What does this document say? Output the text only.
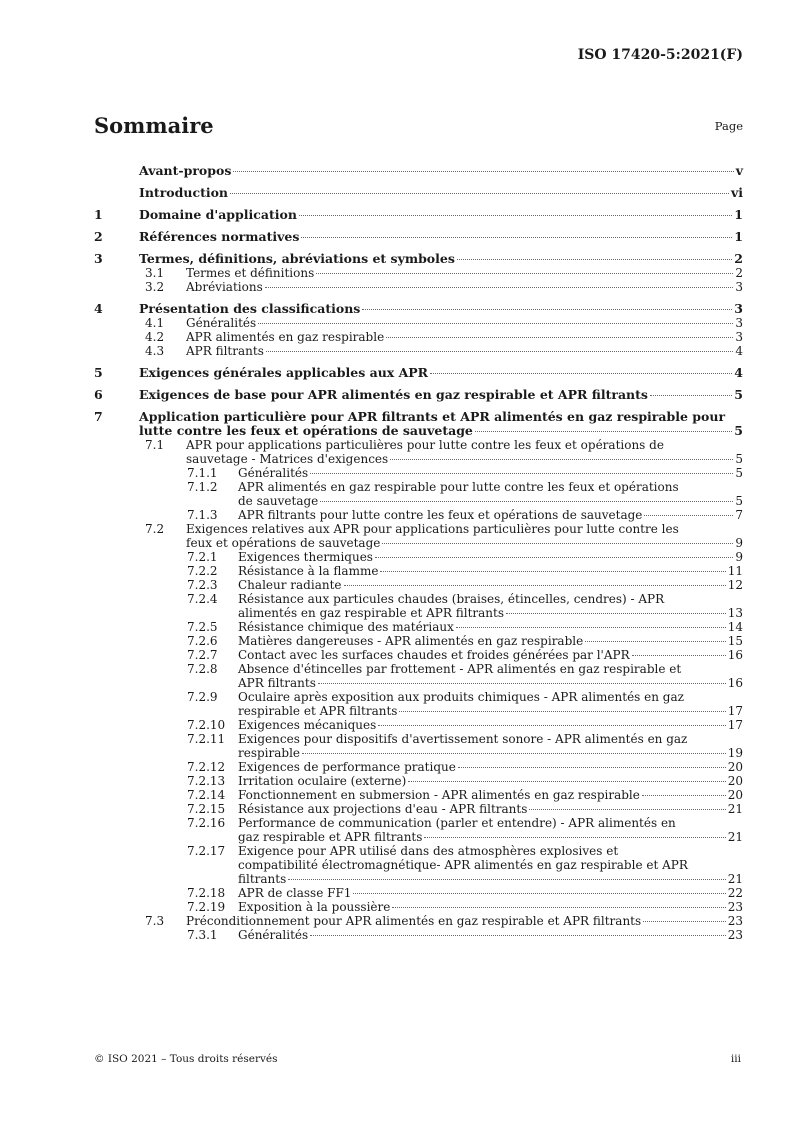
ISO 17420-5:2021(F)
Sommaire	Page
Avant-propos	v
Introduction	vi
1	Domaine d'application	1
2	Références normatives	1
3	Termes, définitions, abréviations et symboles	2
3.1 Termes et définitions	2
3.2 Abréviations	3
4	Présentation des classifications	3
4.1 Généralités	3
4.2 APR alimentés en gaz respirable	3
4.3 APR filtrants	4
5	Exigences générales applicables aux APR	4
6	Exigences de base pour APR alimentés en gaz respirable et APR filtrants	5
7	Application particulière pour APR filtrants et APR alimentés en gaz respirable pour
lutte contre les feux et opérations de sauvetage	5
7.1 APR pour applications particulières pour lutte contre les feux et opérations de
sauvetage - Matrices d'exigences	5
7.1.1 Généralités	5
7.1.2 APR alimentés en gaz respirable pour lutte contre les feux et opérations
de sauvetage	5
7.1.3 APR filtrants pour lutte contre les feux et opérations de sauvetage	7
7.2 Exigences relatives aux APR pour applications particulières pour lutte contre les
feux et opérations de sauvetage	9
7.2.1 Exigences thermiques	9
7.2.2 Résistance à la flamme	11
7.2.3 Chaleur radiante	12
7.2.4 Résistance aux particules chaudes (braises, étincelles, cendres) - APR
alimentés en gaz respirable et APR filtrants	13
7.2.5 Résistance chimique des matériaux	14
7.2.6 Matières dangereuses - APR alimentés en gaz respirable	15
7.2.7 Contact avec les surfaces chaudes et froides générées par l'APR	16
7.2.8 Absence d'étincelles par frottement - APR alimentés en gaz respirable et
APR filtrants	16
7.2.9 Oculaire après exposition aux produits chimiques - APR alimentés en gaz
respirable et APR filtrants	17
7.2.10 Exigences mécaniques	17
7.2.11 Exigences pour dispositifs d'avertissement sonore - APR alimentés en gaz
respirable	19
7.2.12 Exigences de performance pratique	20
7.2.13 Irritation oculaire (externe)	20
7.2.14 Fonctionnement en submersion - APR alimentés en gaz respirable	20
7.2.15 Résistance aux projections d'eau - APR filtrants	21
7.2.16 Performance de communication (parler et entendre) - APR alimentés en
gaz respirable et APR filtrants	21
7.2.17 Exigence pour APR utilisé dans des atmosphères explosives et
compatibilité électromagnétique- APR alimentés en gaz respirable et APR
filtrants	21
7.2.18 APR de classe FF1	22
7.2.19 Exposition à la poussière	23
7.3 Préconditionnement pour APR alimentés en gaz respirable et APR filtrants	23
7.3.1 Généralités	23
© ISO 2021 – Tous droits réservés	iii
